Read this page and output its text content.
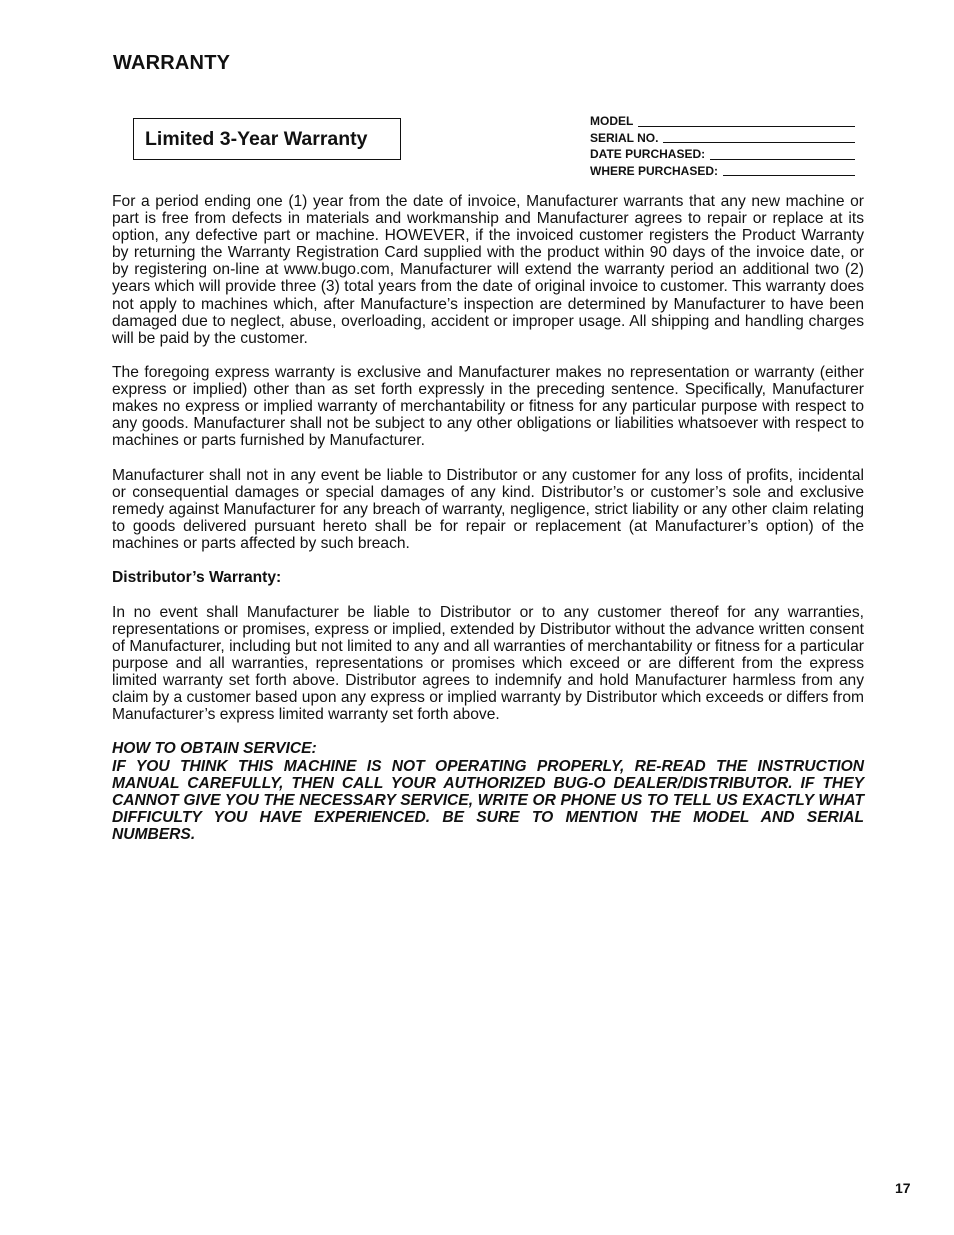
WARRANTY
Limited 3-Year Warranty
MODEL
SERIAL NO.
DATE PURCHASED:
WHERE PURCHASED:

For a period ending one (1) year from the date of invoice, Manufacturer warrants that any new machine or part is free from defects in materials and workmanship and Manufacturer agrees to repair or replace at its option, any defective part or machine. HOWEVER, if the invoiced customer registers the Product Warranty by returning the Warranty Registration Card supplied with the product within 90 days of the invoice date, or by registering on-line at www.bugo.com, Manufacturer will extend the warranty period an additional two (2) years which will provide three (3) total years from the date of original invoice to customer. This warranty does not apply to machines which, after Manufacture’s inspection are determined by Manufacturer to have been damaged due to neglect, abuse, overloading, accident or improper usage. All shipping and handling charges will be paid by the customer.

The foregoing express warranty is exclusive and Manufacturer makes no representation or warranty (either express or implied) other than as set forth expressly in the preceding sentence. Specifically, Manufacturer makes no express or implied warranty of merchantability or fitness for any particular purpose with respect to any goods. Manufacturer shall not be subject to any other obligations or liabilities whatsoever with respect to machines or parts furnished by Manufacturer.

Manufacturer shall not in any event be liable to Distributor or any customer for any loss of profits, incidental or consequential damages or special damages of any kind. Distributor’s or customer’s sole and exclusive remedy against Manufacturer for any breach of warranty, negligence, strict liability or any other claim relating to goods delivered pursuant hereto shall be for repair or replacement (at Manufacturer’s option) of the machines or parts affected by such breach.

Distributor’s Warranty:

In no event shall Manufacturer be liable to Distributor or to any customer thereof for any warranties, representations or promises, express or implied, extended by Distributor without the advance written consent of Manufacturer, including but not limited to any and all warranties of merchantability or fitness for a particular purpose and all warranties, representations or promises which exceed or are different from the express limited warranty set forth above. Distributor agrees to indemnify and hold Manufacturer harmless from any claim by a customer based upon any express or implied warranty by Distributor which exceeds or differs from Manufacturer’s express limited warranty set forth above.

HOW TO OBTAIN SERVICE:
IF YOU THINK THIS MACHINE IS NOT OPERATING PROPERLY, RE-READ THE INSTRUCTION MANUAL CAREFULLY, THEN CALL YOUR AUTHORIZED BUG-O DEALER/DISTRIBUTOR. IF THEY CANNOT GIVE YOU THE NECESSARY SERVICE, WRITE OR PHONE US TO TELL US EXACTLY WHAT DIFFICULTY YOU HAVE EXPERIENCED. BE SURE TO MENTION THE MODEL AND SERIAL NUMBERS.
17
